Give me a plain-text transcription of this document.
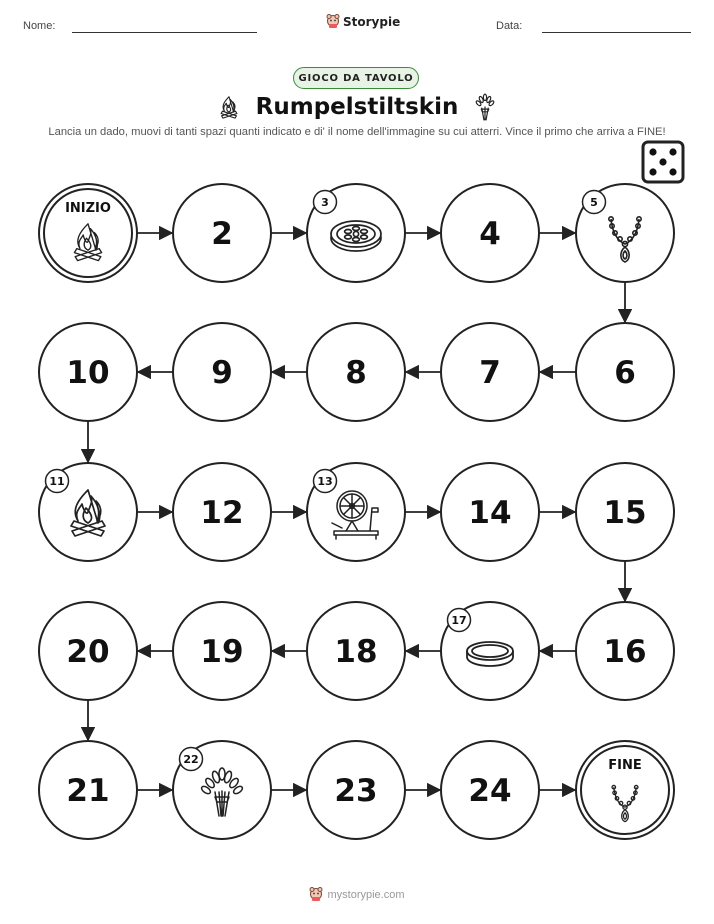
Nome:	Storypie	Data:
GIOCO DA TAVOLO
Rumpelstiltskin
Lancia un dado, muovi di tanti spazi quanti indicato e di' il nome dell'immagine su cui atterri. Vince il primo che arriva a FINE!
INIZIO
2
3
4
5
6
7
8
9
10
11
12
13
14	15
16
17
18
19
20
21
22
23	24
FINE
mystorypie.com
